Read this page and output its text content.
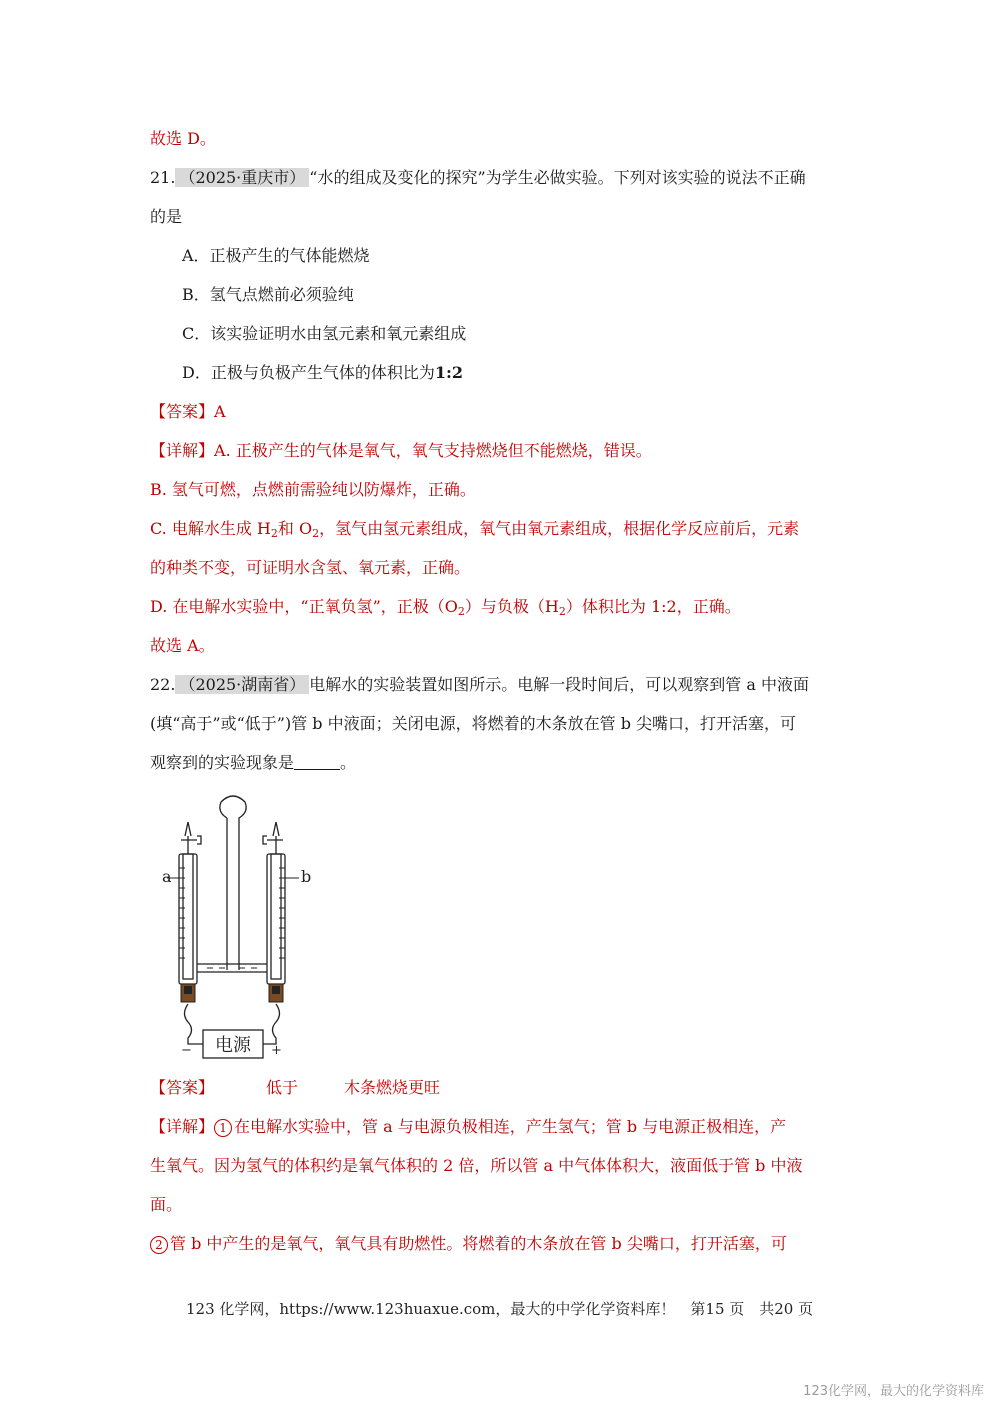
故选 D。
21. （2025·重庆市） “水的组成及变化的探究”为学生必做实验。下列对该实验的说法不正确
的是
A．正极产生的气体能燃烧
B．氢气点燃前必须验纯
C．该实验证明水由氢元素和氧元素组成
D．正极与负极产生气体的体积比为1:2
【答案】A
【详解】A. 正极产生的气体是氧气，氧气支持燃烧但不能燃烧，错误。
B. 氢气可燃，点燃前需验纯以防爆炸，正确。
C. 电解水生成 $H_2$和 $O_2$，氢气由氢元素组成，氧气由氧元素组成，根据化学反应前后，元素
的种类不变，可证明水含氢、氧元素，正确。
D. 在电解水实验中，“正氧负氢”，正极$(O_2)$与负极$(H_2)$体积比为 1:2，正确。
故选 A。
22. （2025·湖南省） 电解水的实验装置如图所示。电解一段时间后，可以观察到管 a 中液面
(填“高于”或“低于”)管 b 中液面；关闭电源，将燃着的木条放在管 b 尖嘴口，打开活塞，可
观察到的实验现象是	。
电源
a	b
−	+
【答案】	低于	木条燃烧更旺
【详解】 1 在电解水实验中，管 a 与电源负极相连，产生氢气；管 b 与电源正极相连，产
生氧气。因为氢气的体积约是氧气体积的 2 倍，所以管 a 中气体体积大，液面低于管 b 中液
面。
2 管 b 中产生的是氧气，氧气具有助燃性。将燃着的木条放在管 b 尖嘴口，打开活塞，可
123 化学网，https://www.123huaxue.com，最大的中学化学资料库！　第15 页　共20 页
123化学网，最大的化学资料库
